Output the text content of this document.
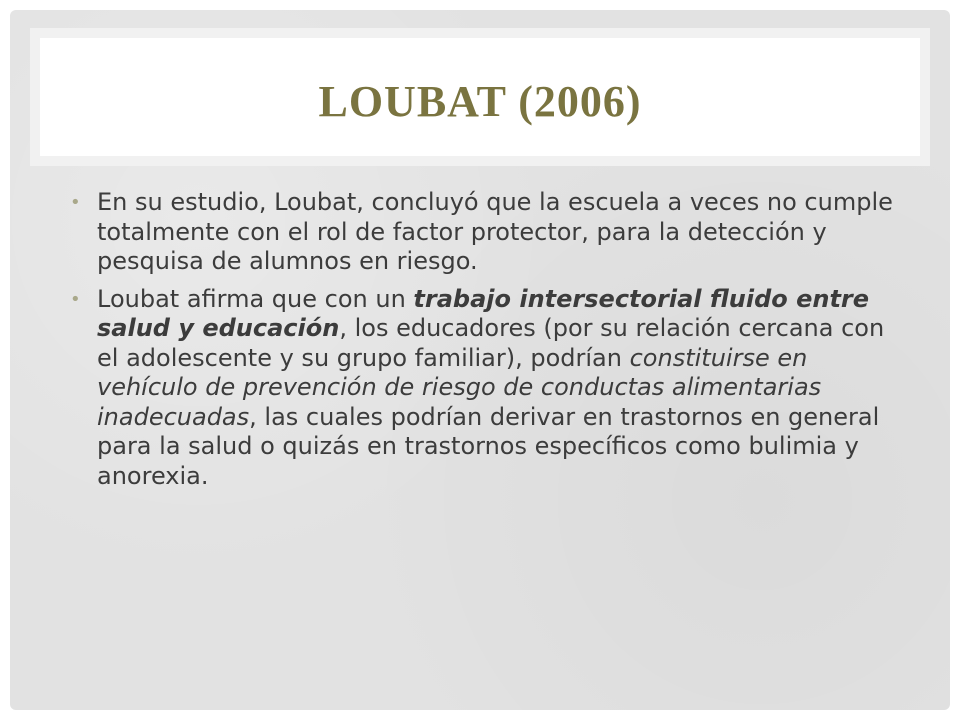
LOUBAT (2006)
• En su estudio, Loubat, concluyó que la escuela a veces no cumple totalmente con el rol de factor protector, para la detección y pesquisa de alumnos en riesgo.
• Loubat afirma que con un trabajo intersectorial fluido entre salud y educación, los educadores (por su relación cercana con el adolescente y su grupo familiar), podrían constituirse en vehículo de prevención de riesgo de conductas alimentarias inadecuadas, las cuales podrían derivar en trastornos en general para la salud o quizás en trastornos específicos como bulimia y anorexia.
